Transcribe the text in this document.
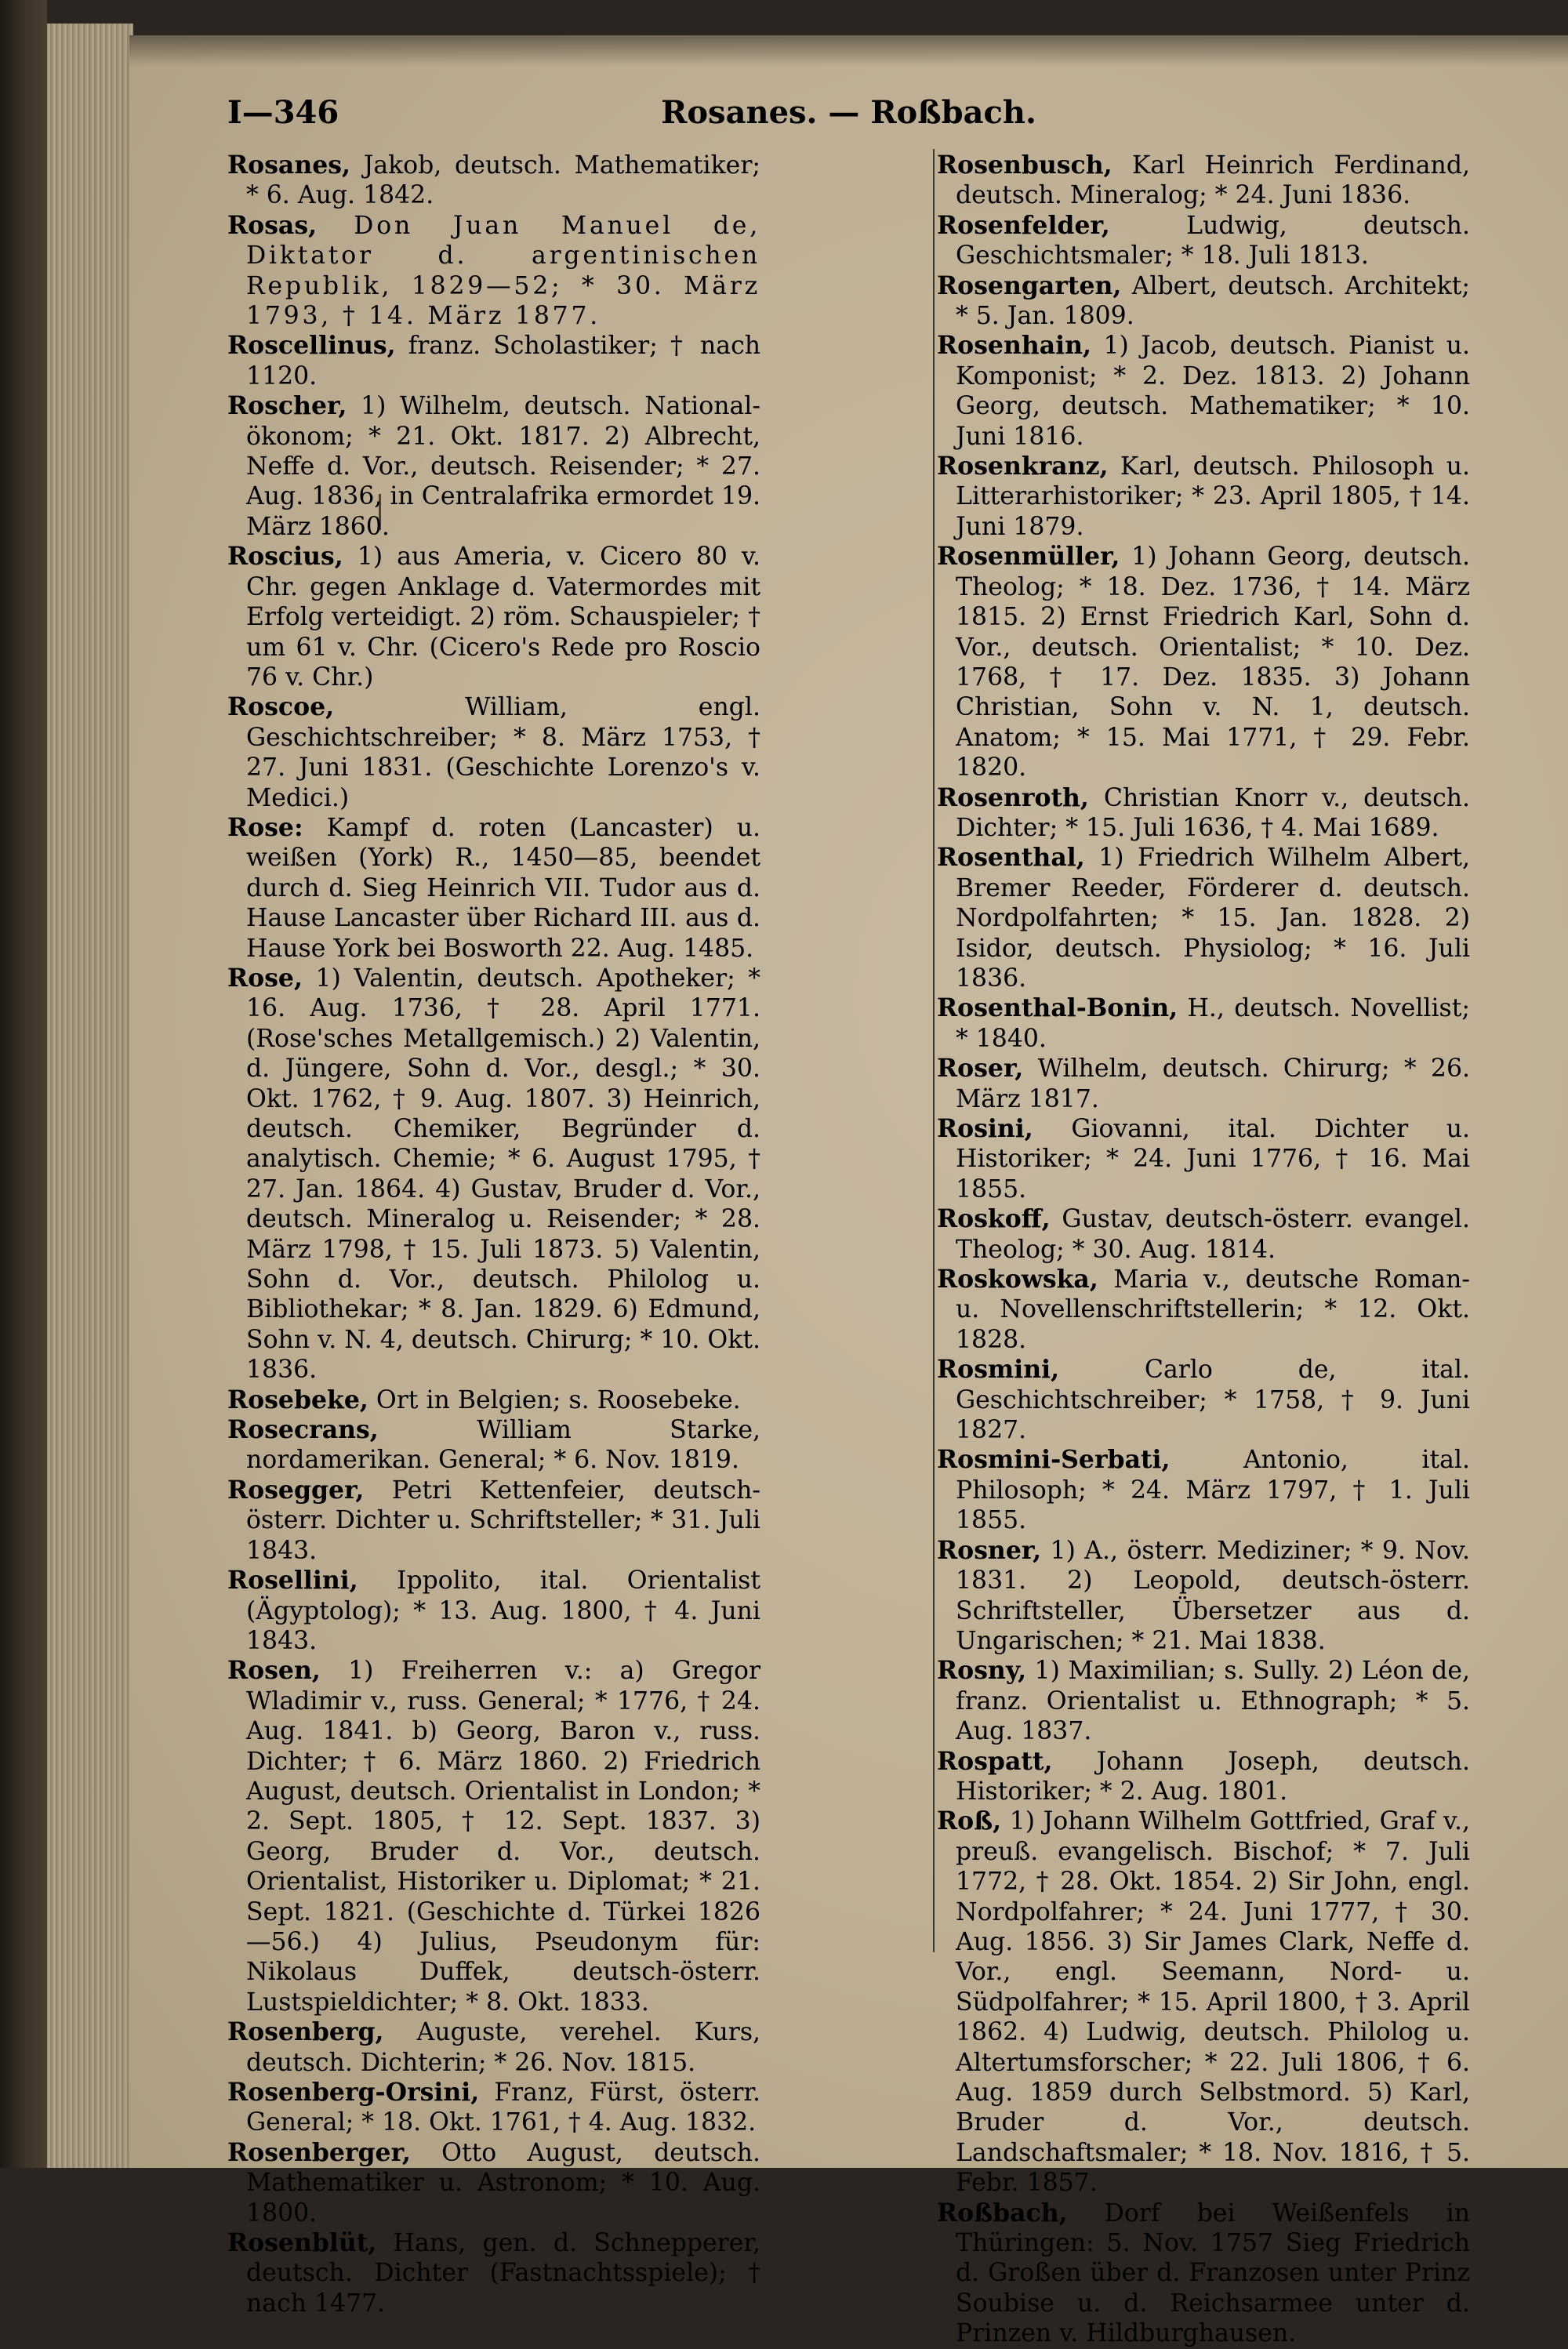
I—346	Rosanes. — Roßbach.

Rosanes, Jakob, deutsch. Mathematiker; * 6. Aug. 1842.

Rosas, Don Juan Manuel de, Diktator d. argentinischen Republik, 1829—52; * 30. März 1793, † 14. März 1877.

Roscellinus, franz. Scholastiker; † nach 1120.

Roscher, 1) Wilhelm, deutsch. National-ökonom; * 21. Okt. 1817. 2) Albrecht, Neffe d. Vor., deutsch. Reisender; * 27. Aug. 1836, in Centralafrika ermordet 19. März 1860.

Roscius, 1) aus Ameria, v. Cicero 80 v. Chr. gegen Anklage d. Vatermordes mit Erfolg verteidigt. 2) röm. Schauspieler; † um 61 v. Chr. (Cicero's Rede pro Roscio 76 v. Chr.)

Roscoe,	William, engl. Geschichtschreiber; * 8. März 1753, † 27. Juni 1831. (Geschichte Lorenzo's v. Medici.)

Rose: Kampf d. roten (Lancaster) u. weißen (York) R., 1450—85, beendet durch d. Sieg Heinrich VII. Tudor aus d. Hause Lancaster über Richard III. aus d. Hause York bei Bosworth 22. Aug. 1485.

Rose, 1) Valentin, deutsch. Apotheker; * 16. Aug. 1736, † 28. April 1771. (Rose'sches Metallgemisch.) 2) Valentin, d. Jüngere, Sohn d. Vor., desgl.; * 30. Okt. 1762, † 9. Aug. 1807. 3) Heinrich, deutsch. Chemiker, Begründer d. analytisch. Chemie; * 6. August 1795, † 27. Jan. 1864. 4) Gustav, Bruder d. Vor., deutsch. Mineralog u. Reisender; * 28. März 1798, † 15. Juli 1873. 5) Valentin, Sohn d. Vor., deutsch. Philolog u. Bibliothekar; * 8. Jan. 1829. 6) Edmund, Sohn v. N. 4, deutsch. Chirurg; * 10. Okt. 1836.

Rosebeke, Ort in Belgien; s. Roosebeke.

Rosecrans,	William Starke, nordamerikan. General; * 6. Nov. 1819.

Rosegger, Petri Kettenfeier, deutsch-österr. Dichter u. Schriftsteller; * 31. Juli 1843.

Rosellini, Ippolito, ital. Orientalist (Ägyptolog); * 13. Aug. 1800, † 4. Juni 1843.

Rosen, 1) Freiherren v.: a) Gregor Wladimir v., russ. General; * 1776, † 24. Aug. 1841. b) Georg, Baron v., russ. Dichter; † 6. März 1860. 2) Friedrich August, deutsch. Orientalist in London; * 2. Sept. 1805, † 12. Sept. 1837. 3) Georg, Bruder d. Vor., deutsch. Orientalist, Historiker u. Diplomat; * 21. Sept. 1821. (Geschichte d. Türkei 1826—56.) 4) Julius, Pseudonym für: Nikolaus Duffek, deutsch-österr. Lustspieldichter; * 8. Okt. 1833.

Rosenberg, Auguste, verehel. Kurs, deutsch. Dichterin; * 26. Nov. 1815.

Rosenberg-Orsini, Franz, Fürst, österr. General; * 18. Okt. 1761, † 4. Aug. 1832.

Rosenberger, Otto August, deutsch. Mathematiker u. Astronom; * 10. Aug. 1800.

Rosenblüt, Hans, gen. d. Schnepperer, deutsch. Dichter (Fastnachtsspiele); † nach 1477.

Rosenbusch, Karl Heinrich Ferdinand, deutsch. Mineralog; * 24. Juni 1836.

Rosenfelder,	Ludwig, deutsch. Geschichtsmaler; * 18. Juli 1813.

Rosengarten, Albert, deutsch. Architekt; * 5. Jan. 1809.

Rosenhain, 1) Jacob, deutsch. Pianist u. Komponist; * 2. Dez. 1813. 2) Johann Georg, deutsch. Mathematiker; * 10. Juni 1816.

Rosenkranz, Karl, deutsch. Philosoph u. Litterarhistoriker; * 23. April 1805, † 14. Juni 1879.

Rosenmüller, 1) Johann Georg, deutsch. Theolog; * 18. Dez. 1736, † 14. März 1815. 2) Ernst Friedrich Karl, Sohn d. Vor., deutsch. Orientalist; * 10. Dez. 1768, † 17. Dez. 1835. 3) Johann Christian, Sohn v. N. 1, deutsch. Anatom; * 15. Mai 1771, † 29. Febr. 1820.

Rosenroth, Christian Knorr v., deutsch. Dichter; * 15. Juli 1636, † 4. Mai 1689.

Rosenthal, 1) Friedrich Wilhelm Albert, Bremer Reeder, Förderer d. deutsch. Nordpolfahrten; * 15. Jan. 1828. 2) Isidor, deutsch. Physiolog; * 16. Juli 1836.

Rosenthal-Bonin, H., deutsch. Novellist; * 1840.

Roser, Wilhelm, deutsch. Chirurg; * 26. März 1817.

Rosini, Giovanni, ital. Dichter u. Historiker; * 24. Juni 1776, † 16. Mai 1855.

Roskoff, Gustav, deutsch-österr. evangel. Theolog; * 30. Aug. 1814.

Roskowska, Maria v., deutsche Roman- u. Novellenschriftstellerin; * 12. Okt. 1828.

Rosmini,	Carlo de, ital. Geschichtschreiber; * 1758, † 9. Juni 1827.

Rosmini-Serbati,	Antonio, ital. Philosoph; * 24. März 1797, † 1. Juli 1855.

Rosner, 1) A., österr. Mediziner; * 9. Nov. 1831. 2) Leopold, deutsch-österr. Schriftsteller, Übersetzer aus d. Ungarischen; * 21. Mai 1838.

Rosny, 1) Maximilian; s. Sully. 2) Léon de, franz. Orientalist u. Ethnograph; * 5. Aug. 1837.

Rospatt, Johann Joseph, deutsch. Historiker; * 2. Aug. 1801.

Roß, 1) Johann Wilhelm Gottfried, Graf v., preuß. evangelisch. Bischof; * 7. Juli 1772, † 28. Okt. 1854. 2) Sir John, engl. Nordpolfahrer; * 24. Juni 1777, † 30. Aug. 1856. 3) Sir James Clark, Neffe d. Vor., engl. Seemann, Nord- u. Südpolfahrer; * 15. April 1800, † 3. April 1862. 4) Ludwig, deutsch. Philolog u. Altertumsforscher; * 22. Juli 1806, † 6. Aug. 1859 durch Selbstmord. 5) Karl, Bruder d. Vor., deutsch. Landschaftsmaler; * 18. Nov. 1816, † 5. Febr. 1857.

Roßbach, Dorf bei Weißenfels in Thüringen: 5. Nov. 1757 Sieg Friedrich d. Großen über d. Franzosen unter Prinz Soubise u. d. Reichsarmee unter d. Prinzen v. Hildburghausen.
